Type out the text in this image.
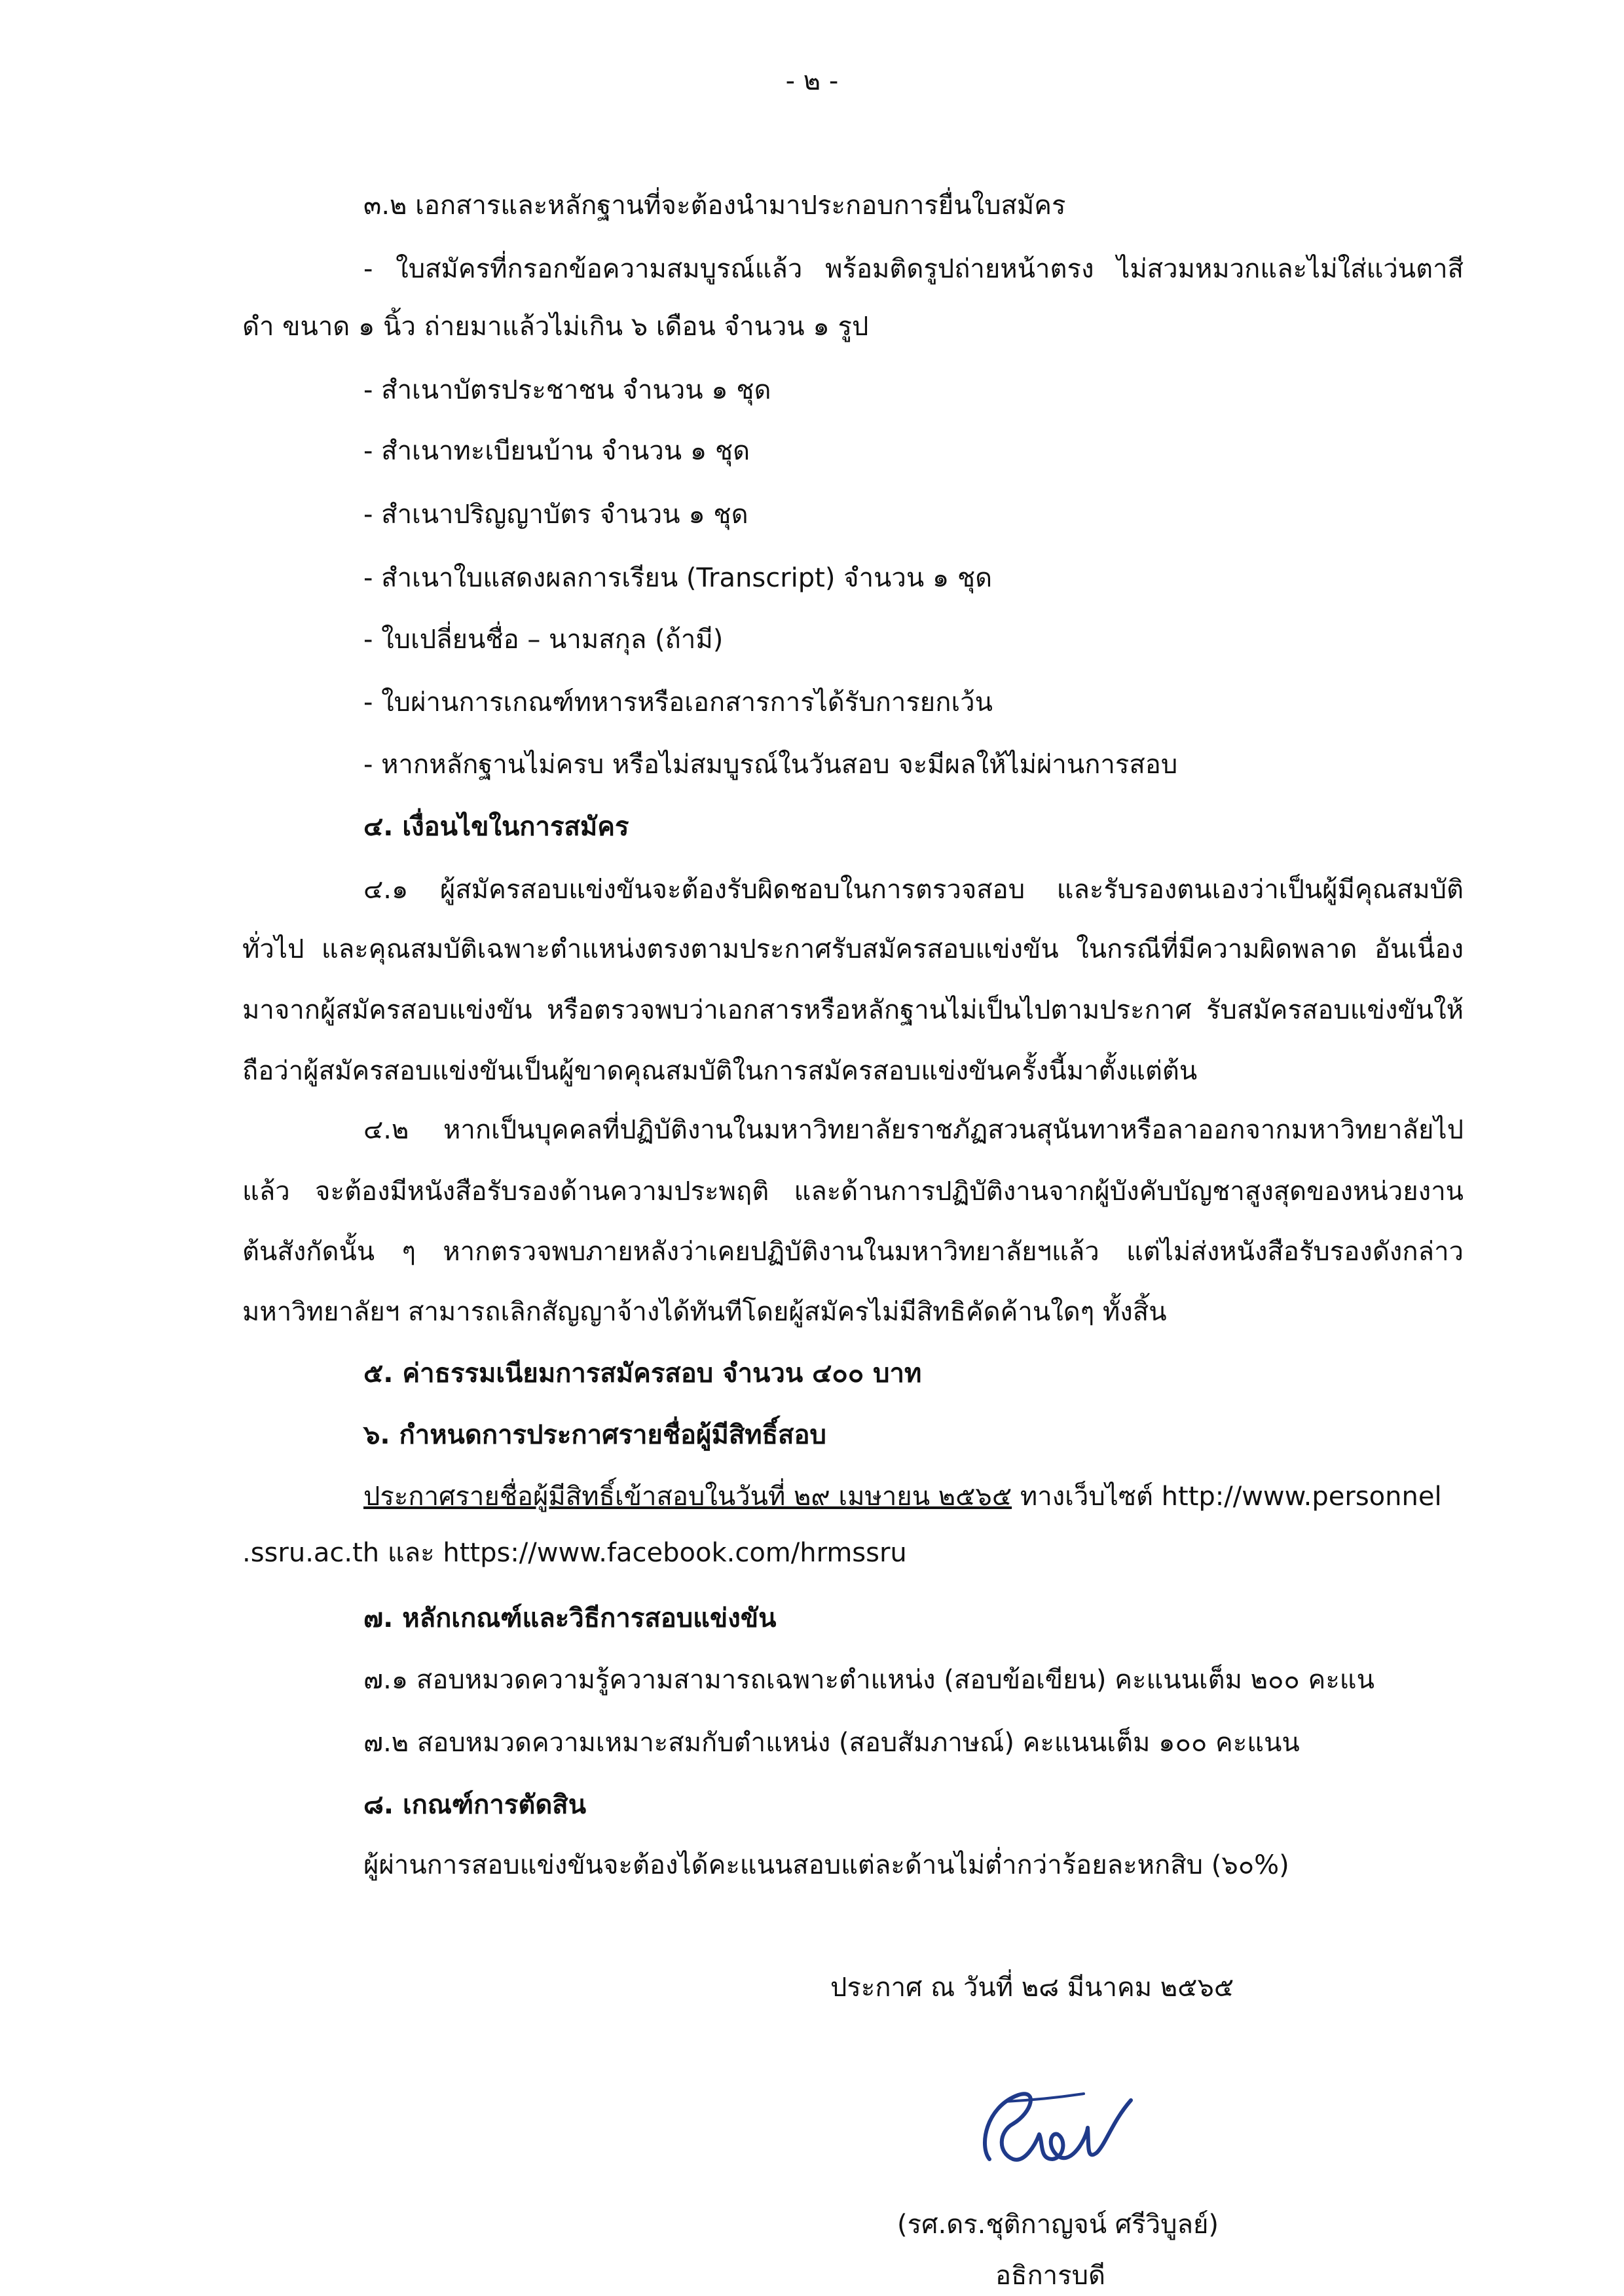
- ๒ -

๓.๒ เอกสารและหลักฐานที่จะต้องนำมาประกอบการยื่นใบสมัคร

- ใบสมัครที่กรอกข้อความสมบูรณ์แล้ว พร้อมติดรูปถ่ายหน้าตรง ไม่สวมหมวกและไม่ใส่แว่นตาสี

ดำ ขนาด ๑ นิ้ว ถ่ายมาแล้วไม่เกิน ๖ เดือน จำนวน ๑ รูป

- สำเนาบัตรประชาชน จำนวน ๑ ชุด

- สำเนาทะเบียนบ้าน จำนวน ๑ ชุด

- สำเนาปริญญาบัตร จำนวน ๑ ชุด

- สำเนาใบแสดงผลการเรียน (Transcript) จำนวน ๑ ชุด

- ใบเปลี่ยนชื่อ – นามสกุล (ถ้ามี)

- ใบผ่านการเกณฑ์ทหารหรือเอกสารการได้รับการยกเว้น

- หากหลักฐานไม่ครบ หรือไม่สมบูรณ์ในวันสอบ จะมีผลให้ไม่ผ่านการสอบ

๔. เงื่อนไขในการสมัคร

๔.๑ ผู้สมัครสอบแข่งขันจะต้องรับผิดชอบในการตรวจสอบ และรับรองตนเองว่าเป็นผู้มีคุณสมบัติ

ทั่วไป และคุณสมบัติเฉพาะตำแหน่งตรงตามประกาศรับสมัครสอบแข่งขัน ในกรณีที่มีความผิดพลาด อันเนื่อง

มาจากผู้สมัครสอบแข่งขัน หรือตรวจพบว่าเอกสารหรือหลักฐานไม่เป็นไปตามประกาศ รับสมัครสอบแข่งขันให้

ถือว่าผู้สมัครสอบแข่งขันเป็นผู้ขาดคุณสมบัติในการสมัครสอบแข่งขันครั้งนี้มาตั้งแต่ต้น

๔.๒ หากเป็นบุคคลที่ปฏิบัติงานในมหาวิทยาลัยราชภัฏสวนสุนันทาหรือลาออกจากมหาวิทยาลัยไป

แล้ว จะต้องมีหนังสือรับรองด้านความประพฤติ และด้านการปฏิบัติงานจากผู้บังคับบัญชาสูงสุดของหน่วยงาน

ต้นสังกัดนั้น ๆ หากตรวจพบภายหลังว่าเคยปฏิบัติงานในมหาวิทยาลัยฯแล้ว แต่ไม่ส่งหนังสือรับรองดังกล่าว

มหาวิทยาลัยฯ สามารถเลิกสัญญาจ้างได้ทันทีโดยผู้สมัครไม่มีสิทธิคัดค้านใดๆ ทั้งสิ้น

๕. ค่าธรรมเนียมการสมัครสอบ จำนวน ๔๐๐ บาท

๖. กำหนดการประกาศรายชื่อผู้มีสิทธิ์สอบ

ประกาศรายชื่อผู้มีสิทธิ์เข้าสอบในวันที่ ๒๙ เมษายน ๒๕๖๕ ทางเว็บไซต์ http://www.personnel

.ssru.ac.th และ https://www.facebook.com/hrmssru

๗. หลักเกณฑ์และวิธีการสอบแข่งขัน

๗.๑ สอบหมวดความรู้ความสามารถเฉพาะตำแหน่ง (สอบข้อเขียน) คะแนนเต็ม ๒๐๐ คะแน

๗.๒ สอบหมวดความเหมาะสมกับตำแหน่ง (สอบสัมภาษณ์) คะแนนเต็ม ๑๐๐ คะแนน

๘. เกณฑ์การตัดสิน

ผู้ผ่านการสอบแข่งขันจะต้องได้คะแนนสอบแต่ละด้านไม่ต่ำกว่าร้อยละหกสิบ (๖๐%)

ประกาศ ณ วันที่ ๒๘ มีนาคม ๒๕๖๕

(รศ.ดร.ชุติกาญจน์ ศรีวิบูลย์)

อธิการบดี
